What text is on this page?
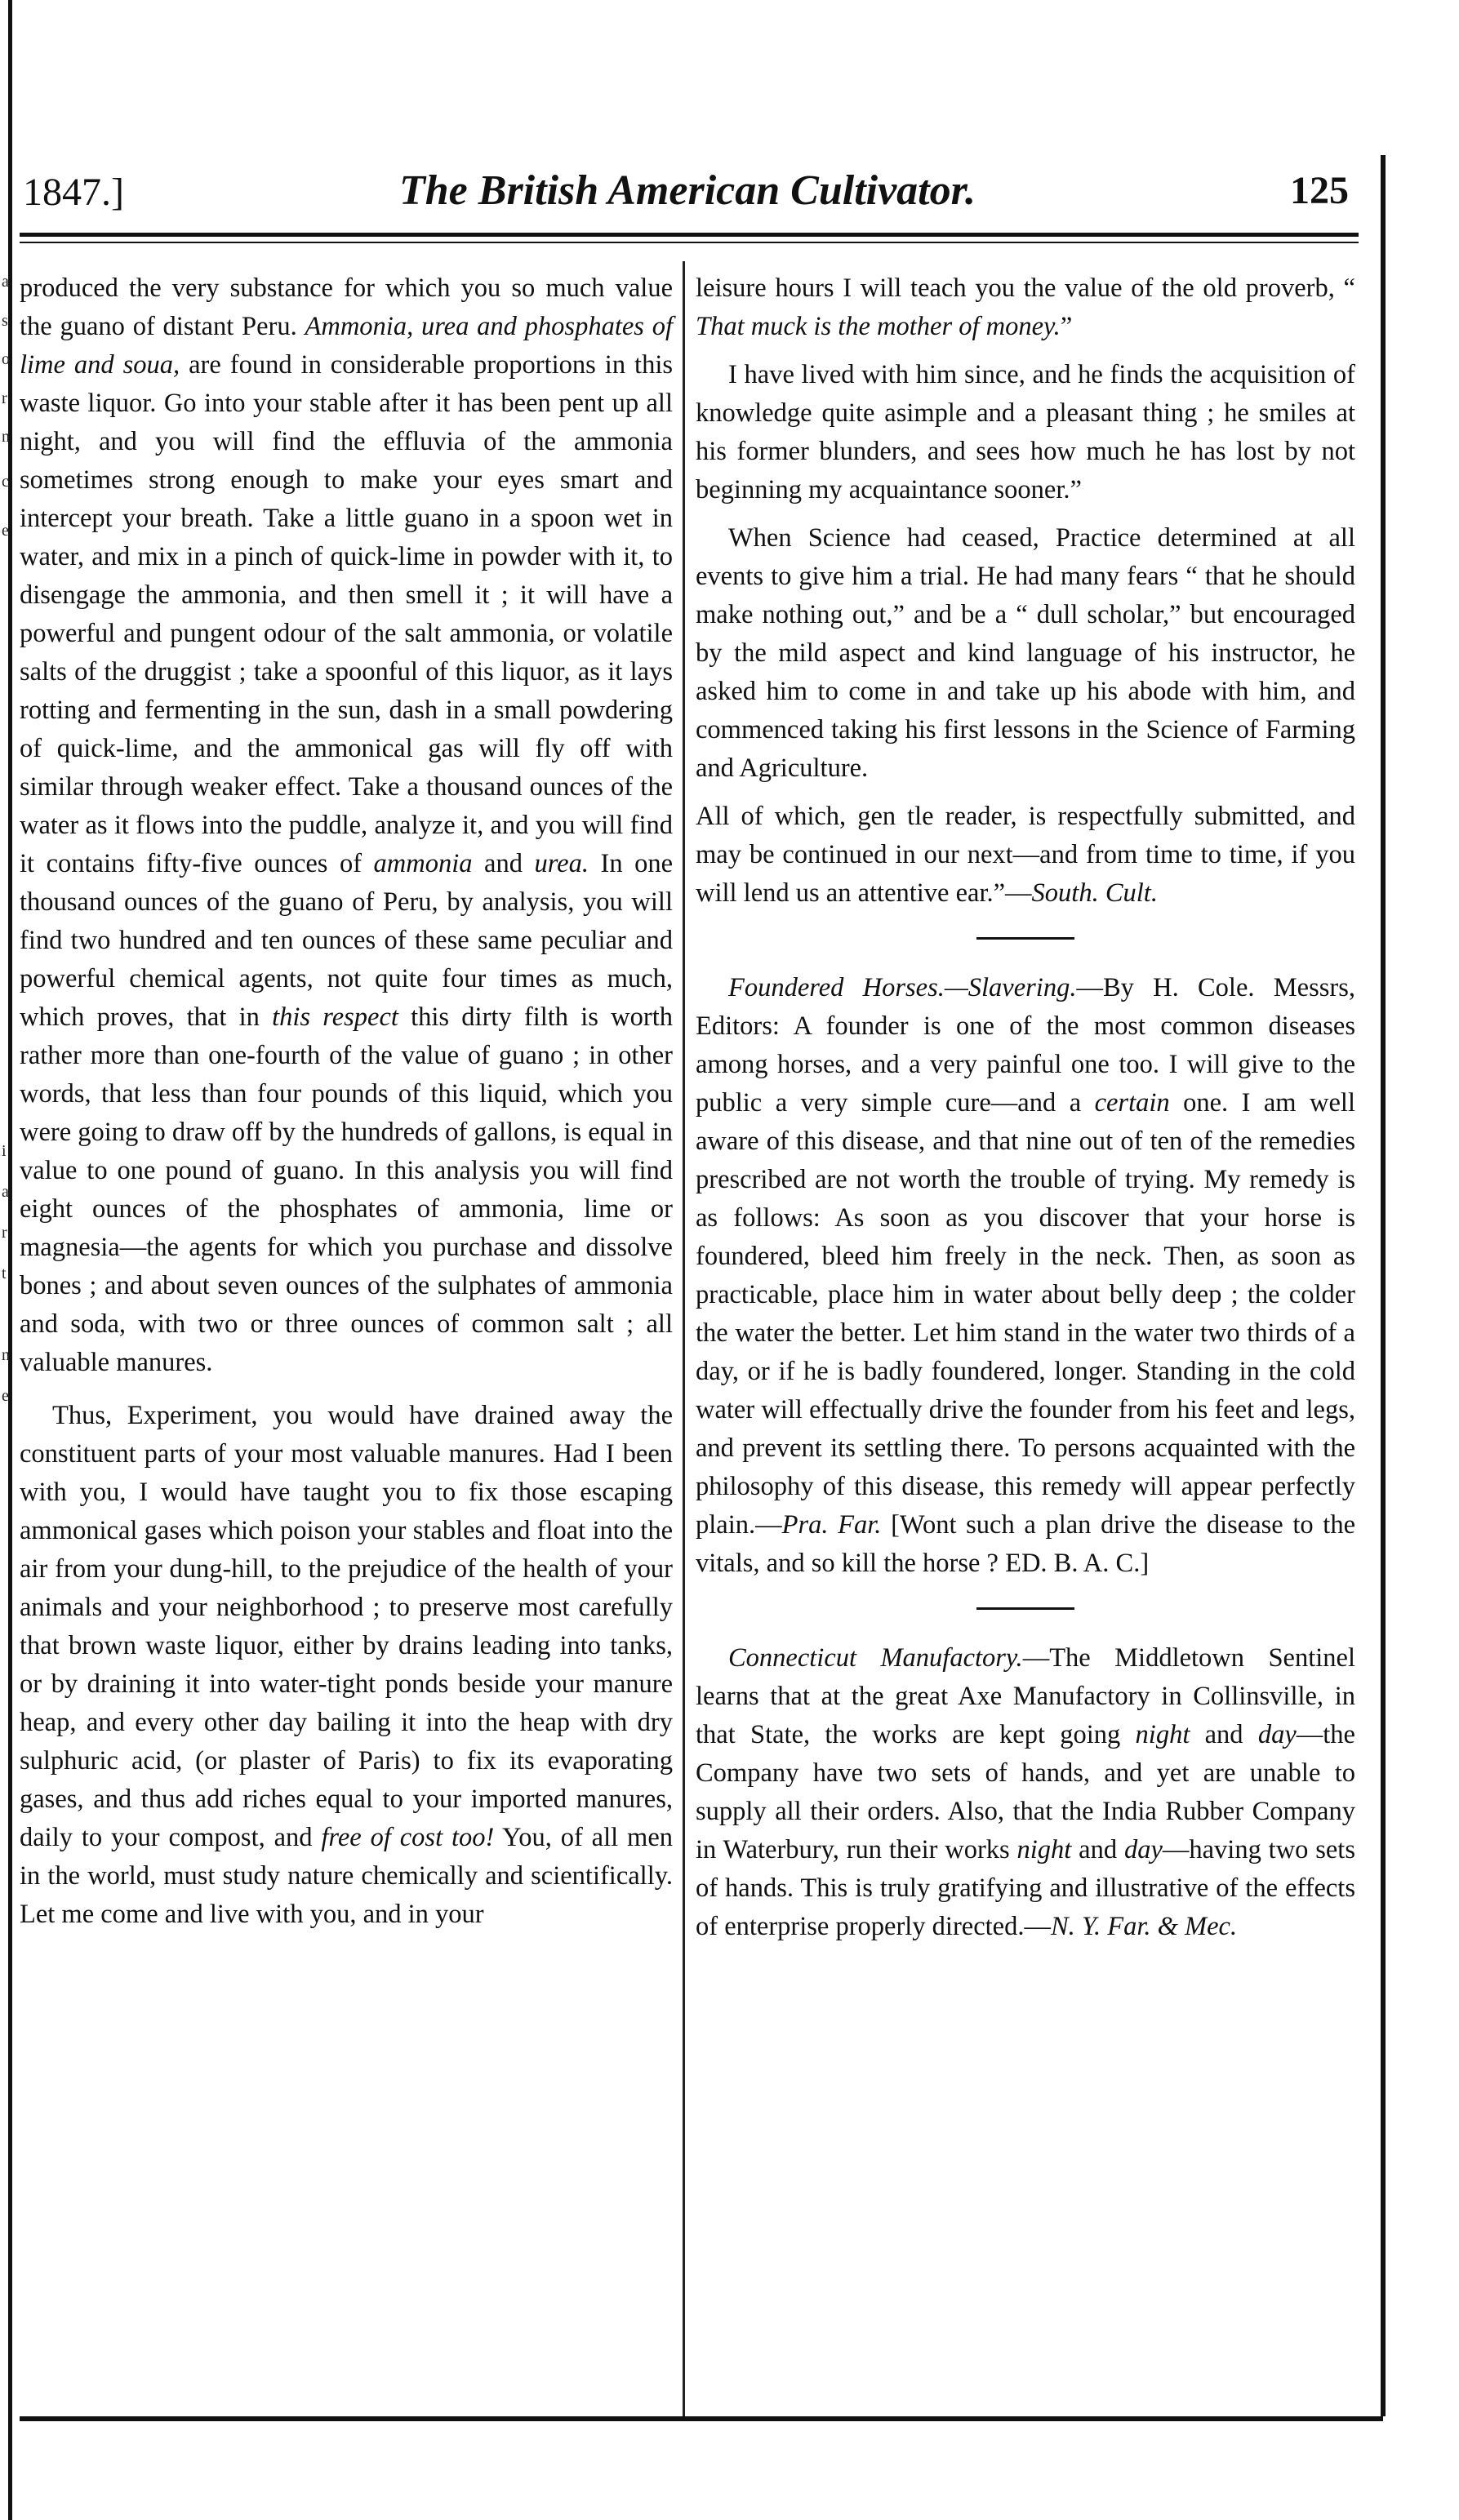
a
s
o
r
n
c
e
i
a
r
t
n
e
1847.]	The British American Cultivator.	125

produced the very substance for which you so much value the guano of distant Peru. Ammonia, urea and phosphates of lime and soua, are found in considerable proportions in this waste liquor. Go into your stable after it has been pent up all night, and you will find the effluvia of the ammonia sometimes strong enough to make your eyes smart and intercept your breath. Take a little guano in a spoon wet in water, and mix in a pinch of quick-lime in powder with it, to disengage the ammonia, and then smell it ; it will have a powerful and pungent odour of the salt ammonia, or volatile salts of the druggist ; take a spoonful of this liquor, as it lays rotting and fermenting in the sun, dash in a small powdering of quick-lime, and the ammonical gas will fly off with similar through weaker effect. Take a thousand ounces of the water as it flows into the puddle, analyze it, and you will find it contains fifty-five ounces of ammonia and urea. In one thousand ounces of the guano of Peru, by analysis, you will find two hundred and ten ounces of these same peculiar and powerful chemical agents, not quite four times as much, which proves, that in this respect this dirty filth is worth rather more than one-fourth of the value of guano ; in other words, that less than four pounds of this liquid, which you were going to draw off by the hundreds of gallons, is equal in value to one pound of guano. In this analysis you will find eight ounces of the phosphates of ammonia, lime or magnesia—the agents for which you purchase and dissolve bones ; and about seven ounces of the sulphates of ammonia and soda, with two or three ounces of common salt ; all valuable manures.

Thus, Experiment, you would have drained away the constituent parts of your most valuable manures. Had I been with you, I would have taught you to fix those escaping ammonical gases which poison your stables and float into the air from your dung-hill, to the prejudice of the health of your animals and your neighborhood ; to preserve most carefully that brown waste liquor, either by drains leading into tanks, or by draining it into water-tight ponds beside your manure heap, and every other day bailing it into the heap with dry sulphuric acid, (or plaster of Paris) to fix its evaporating gases, and thus add riches equal to your imported manures, daily to your compost, and free of cost too! You, of all men in the world, must study nature chemically and scientifically. Let me come and live with you, and in your

leisure hours I will teach you the value of the old proverb, “ That muck is the mother of money.”

I have lived with him since, and he finds the acquisition of knowledge quite asimple and a pleasant thing ; he smiles at his former blunders, and sees how much he has lost by not beginning my acquaintance sooner.”

When Science had ceased, Practice determined at all events to give him a trial. He had many fears “ that he should make nothing out,” and be a “ dull scholar,” but encouraged by the mild aspect and kind language of his instructor, he asked him to come in and take up his abode with him, and commenced taking his first lessons in the Science of Farming and Agriculture.

All of which, gen tle reader, is respectfully submitted, and may be continued in our next—and from time to time, if you will lend us an attentive ear.”—South. Cult.

Foundered Horses.—Slavering.—By H. Cole. Messrs, Editors: A founder is one of the most common diseases among horses, and a very painful one too. I will give to the public a very simple cure—and a certain one. I am well aware of this disease, and that nine out of ten of the remedies prescribed are not worth the trouble of trying. My remedy is as follows: As soon as you discover that your horse is foundered, bleed him freely in the neck. Then, as soon as practicable, place him in water about belly deep ; the colder the water the better. Let him stand in the water two thirds of a day, or if he is badly foundered, longer. Standing in the cold water will effectually drive the founder from his feet and legs, and prevent its settling there. To persons acquainted with the philosophy of this disease, this remedy will appear perfectly plain.—Pra. Far. [Wont such a plan drive the disease to the vitals, and so kill the horse ? ED. B. A. C.]

Connecticut Manufactory.—The Middletown Sentinel learns that at the great Axe Manufactory in Collinsville, in that State, the works are kept going night and day—the Company have two sets of hands, and yet are unable to supply all their orders. Also, that the India Rubber Company in Waterbury, run their works night and day—having two sets of hands. This is truly gratifying and illustrative of the effects of enterprise properly directed.—N. Y. Far. & Mec.
